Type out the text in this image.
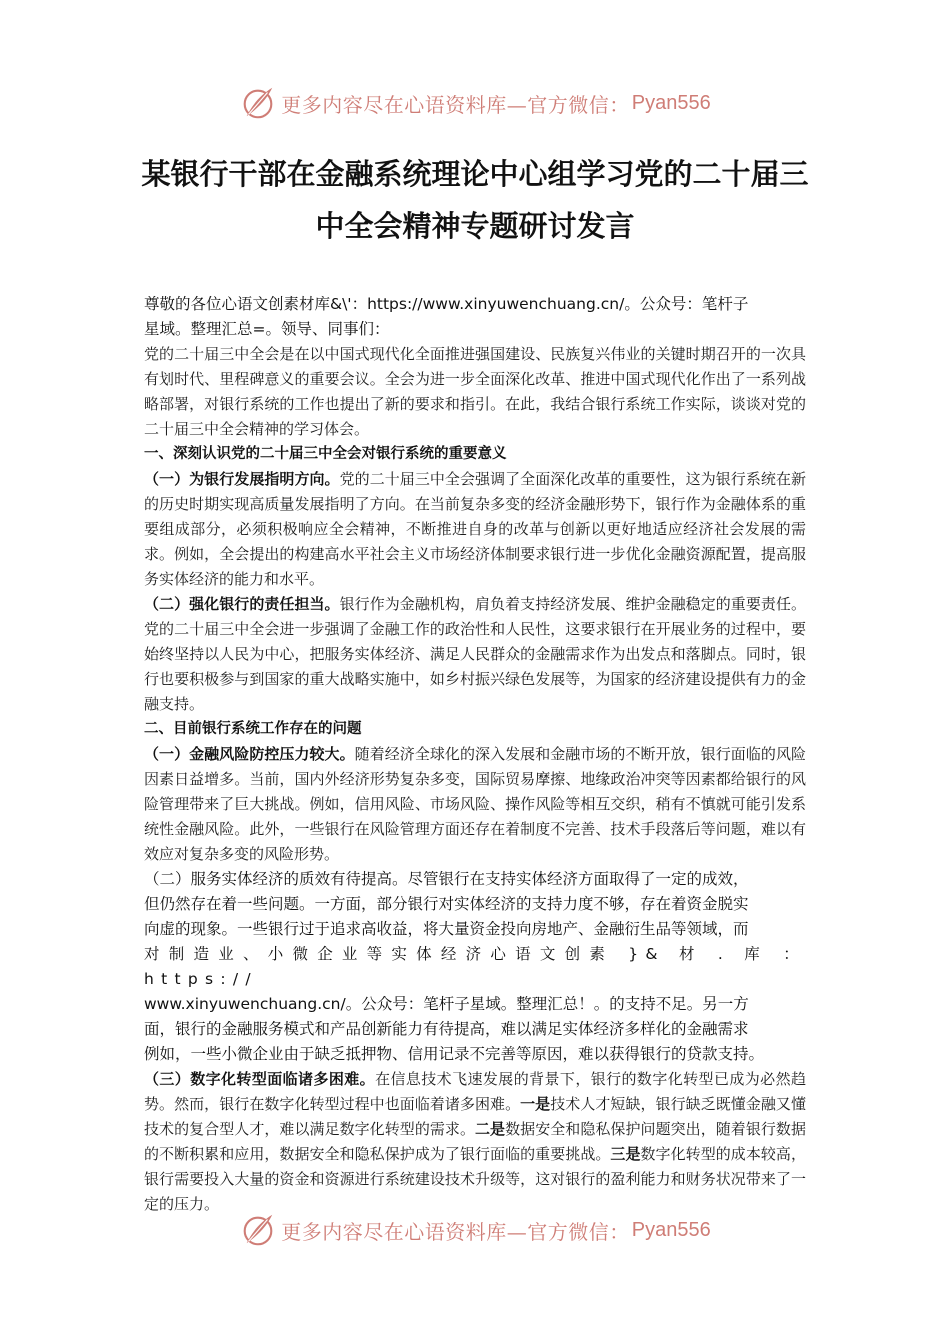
更多内容尽在心语资料库—官方微信： Pyan556
某银行干部在金融系统理论中心组学习党的二十届三
中全会精神专题研讨发言

尊敬的各位心语文创素材库&\'：https://www.xinyuwenchuang.cn/。公众号：笔杆子
星域。整理汇总=。领导、同事们：

党的二十届三中全会是在以中国式现代化全面推进强国建设、民族复兴伟业的关键时期召开的一次具有划时代、里程碑意义的重要会议。全会为进一步全面深化改革、推进中国式现代化作出了一系列战略部署，对银行系统的工作也提出了新的要求和指引。在此，我结合银行系统工作实际，谈谈对党的二十届三中全会精神的学习体会。

一、深刻认识党的二十届三中全会对银行系统的重要意义

（一）为银行发展指明方向。党的二十届三中全会强调了全面深化改革的重要性，这为银行系统在新的历史时期实现高质量发展指明了方向。在当前复杂多变的经济金融形势下，银行作为金融体系的重要组成部分，必须积极响应全会精神，不断推进自身的改革与创新以更好地适应经济社会发展的需求。例如，全会提出的构建高水平社会主义市场经济体制要求银行进一步优化金融资源配置，提高服务实体经济的能力和水平。

（二）强化银行的责任担当。银行作为金融机构，肩负着支持经济发展、维护金融稳定的重要责任。党的二十届三中全会进一步强调了金融工作的政治性和人民性，这要求银行在开展业务的过程中，要始终坚持以人民为中心，把服务实体经济、满足人民群众的金融需求作为出发点和落脚点。同时，银行也要积极参与到国家的重大战略实施中，如乡村振兴绿色发展等，为国家的经济建设提供有力的金融支持。

二、目前银行系统工作存在的问题

（一）金融风险防控压力较大。随着经济全球化的深入发展和金融市场的不断开放，银行面临的风险因素日益增多。当前，国内外经济形势复杂多变，国际贸易摩擦、地缘政治冲突等因素都给银行的风险管理带来了巨大挑战。例如，信用风险、市场风险、操作风险等相互交织，稍有不慎就可能引发系统性金融风险。此外，一些银行在风险管理方面还存在着制度不完善、技术手段落后等问题，难以有效应对复杂多变的风险形势。

（二）服务实体经济的质效有待提高。尽管银行在支持实体经济方面取得了一定的成效，
但仍然存在着一些问题。一方面，部分银行对实体经济的支持力度不够，存在着资金脱实
向虚的现象。一些银行过于追求高收益，将大量资金投向房地产、金融衍生品等领域，而
对制造业、小微企业等实体经济心语文创素 }& 材 . 库 ： https://
www.xinyuwenchuang.cn/。公众号：笔杆子星域。整理汇总！。的支持不足。另一方
面，银行的金融服务模式和产品创新能力有待提高，难以满足实体经济多样化的金融需求
例如，一些小微企业由于缺乏抵押物、信用记录不完善等原因，难以获得银行的贷款支持。

（三）数字化转型面临诸多困难。在信息技术飞速发展的背景下，银行的数字化转型已成为必然趋势。然而，银行在数字化转型过程中也面临着诸多困难。一是技术人才短缺，银行缺乏既懂金融又懂技术的复合型人才，难以满足数字化转型的需求。二是数据安全和隐私保护问题突出，随着银行数据的不断积累和应用，数据安全和隐私保护成为了银行面临的重要挑战。三是数字化转型的成本较高，银行需要投入大量的资金和资源进行系统建设技术升级等，这对银行的盈利能力和财务状况带来了一定的压力。

更多内容尽在心语资料库—官方微信： Pyan556
